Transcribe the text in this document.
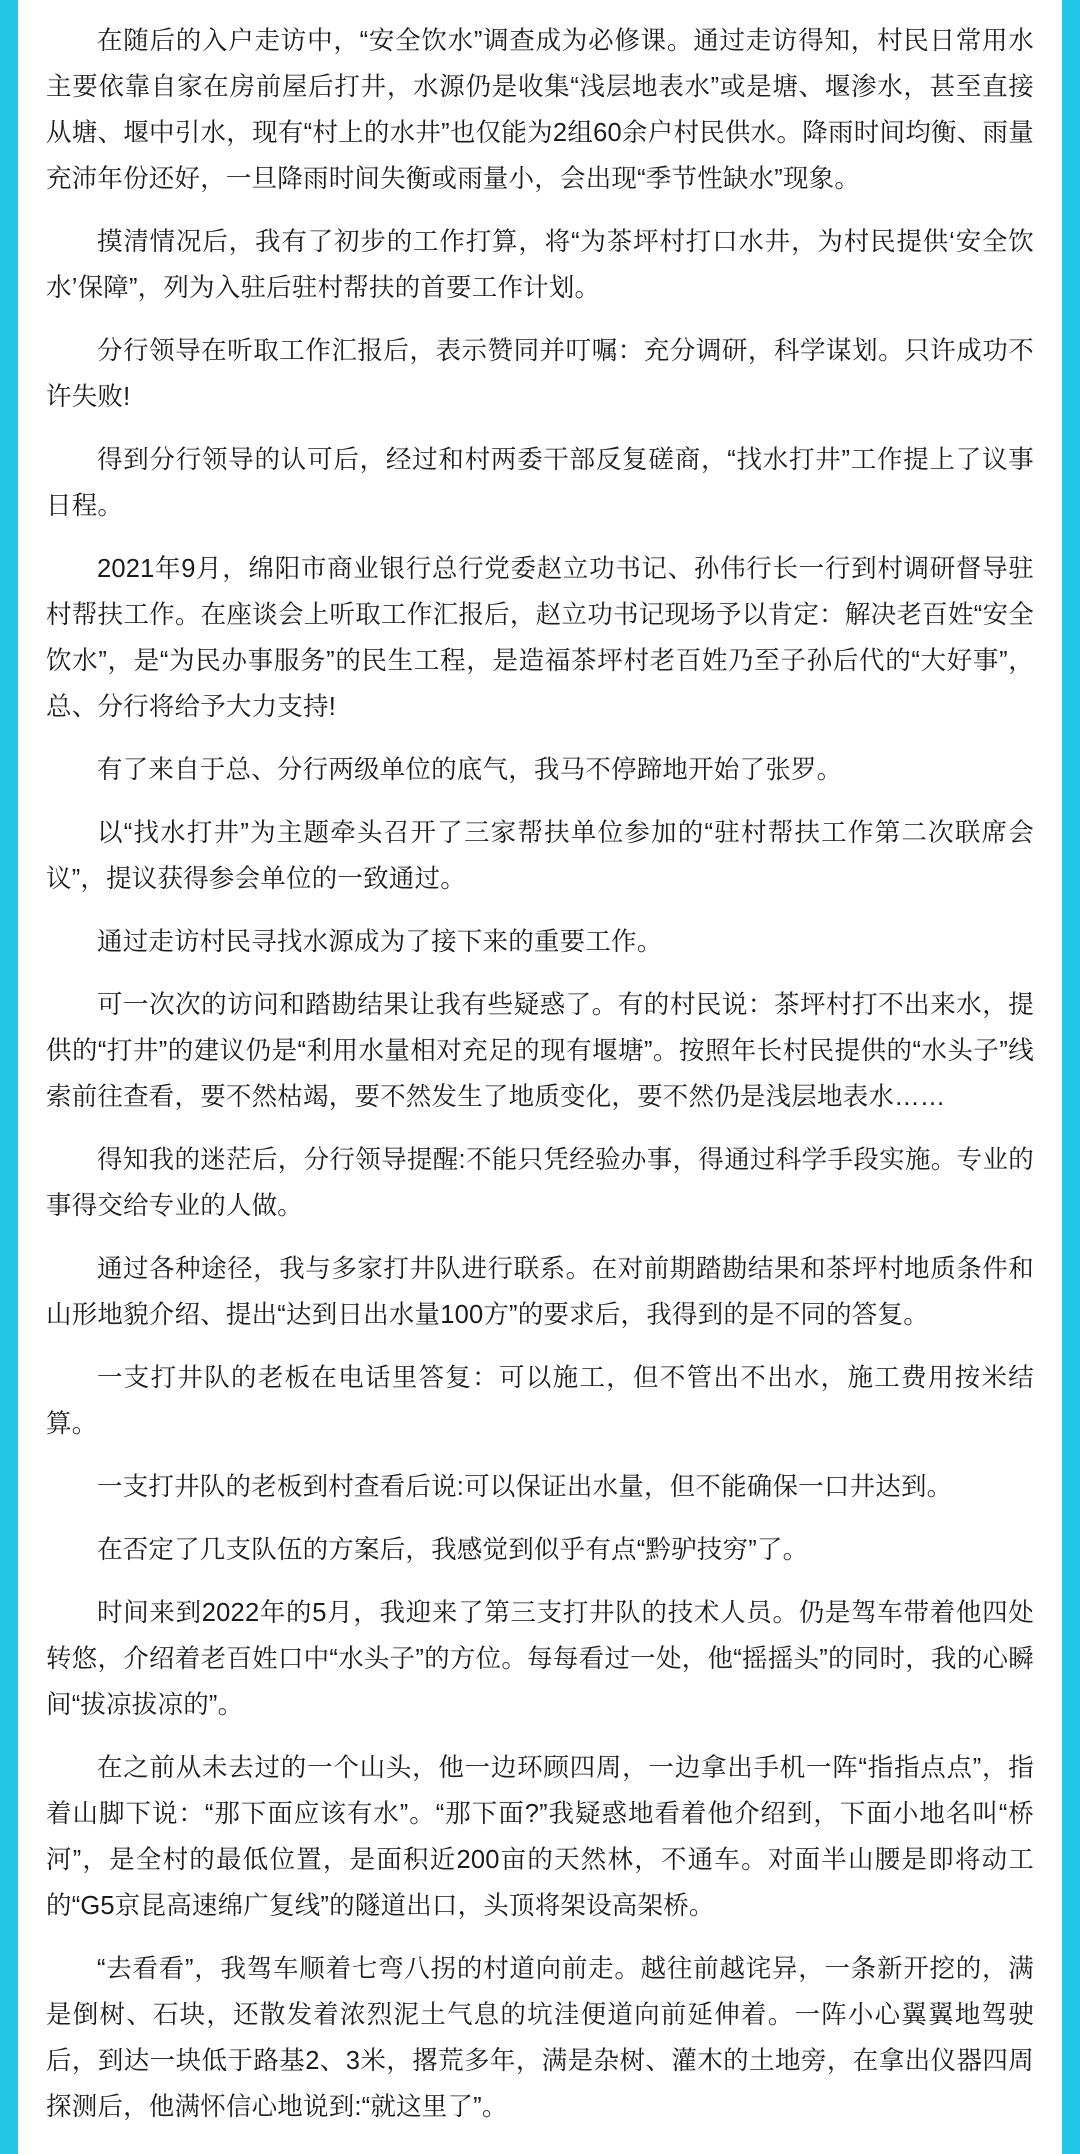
在随后的入户走访中，“安全饮水”调查成为必修课。通过走访得知，村民日常用水主要依靠自家在房前屋后打井，水源仍是收集“浅层地表水”或是塘、堰渗水，甚至直接从塘、堰中引水，现有“村上的水井”也仅能为2组60余户村民供水。降雨时间均衡、雨量充沛年份还好，一旦降雨时间失衡或雨量小，会出现“季节性缺水”现象。

摸清情况后，我有了初步的工作打算，将“为茶坪村打口水井，为村民提供‘安全饮水’保障”，列为入驻后驻村帮扶的首要工作计划。

分行领导在听取工作汇报后，表示赞同并叮嘱：充分调研，科学谋划。只许成功不许失败!

得到分行领导的认可后，经过和村两委干部反复磋商，“找水打井”工作提上了议事日程。

2021年9月，绵阳市商业银行总行党委赵立功书记、孙伟行长一行到村调研督导驻村帮扶工作。在座谈会上听取工作汇报后，赵立功书记现场予以肯定：解决老百姓“安全饮水”，是“为民办事服务”的民生工程，是造福茶坪村老百姓乃至子孙后代的“大好事”，总、分行将给予大力支持!

有了来自于总、分行两级单位的底气，我马不停蹄地开始了张罗。

以“找水打井”为主题牵头召开了三家帮扶单位参加的“驻村帮扶工作第二次联席会议”，提议获得参会单位的一致通过。

通过走访村民寻找水源成为了接下来的重要工作。

可一次次的访问和踏勘结果让我有些疑惑了。有的村民说：茶坪村打不出来水，提供的“打井”的建议仍是“利用水量相对充足的现有堰塘”。按照年长村民提供的“水头子”线索前往查看，要不然枯竭，要不然发生了地质变化，要不然仍是浅层地表水……

得知我的迷茫后，分行领导提醒:不能只凭经验办事，得通过科学手段实施。专业的事得交给专业的人做。

通过各种途径，我与多家打井队进行联系。在对前期踏勘结果和茶坪村地质条件和山形地貌介绍、提出“达到日出水量100方”的要求后，我得到的是不同的答复。

一支打井队的老板在电话里答复：可以施工，但不管出不出水，施工费用按米结算。

一支打井队的老板到村查看后说:可以保证出水量，但不能确保一口井达到。

在否定了几支队伍的方案后，我感觉到似乎有点“黔驴技穷”了。

时间来到2022年的5月，我迎来了第三支打井队的技术人员。仍是驾车带着他四处转悠，介绍着老百姓口中“水头子”的方位。每每看过一处，他“摇摇头”的同时，我的心瞬间“拔凉拔凉的”。

在之前从未去过的一个山头，他一边环顾四周，一边拿出手机一阵“指指点点”，指着山脚下说：“那下面应该有水”。“那下面?”我疑惑地看着他介绍到，下面小地名叫“桥河”，是全村的最低位置，是面积近200亩的天然林，不通车。对面半山腰是即将动工的“G5京昆高速绵广复线”的隧道出口，头顶将架设高架桥。

“去看看”，我驾车顺着七弯八拐的村道向前走。越往前越诧异，一条新开挖的，满是倒树、石块，还散发着浓烈泥土气息的坑洼便道向前延伸着。一阵小心翼翼地驾驶后，到达一块低于路基2、3米，撂荒多年，满是杂树、灌木的土地旁，在拿出仪器四周探测后，他满怀信心地说到:“就这里了”。
